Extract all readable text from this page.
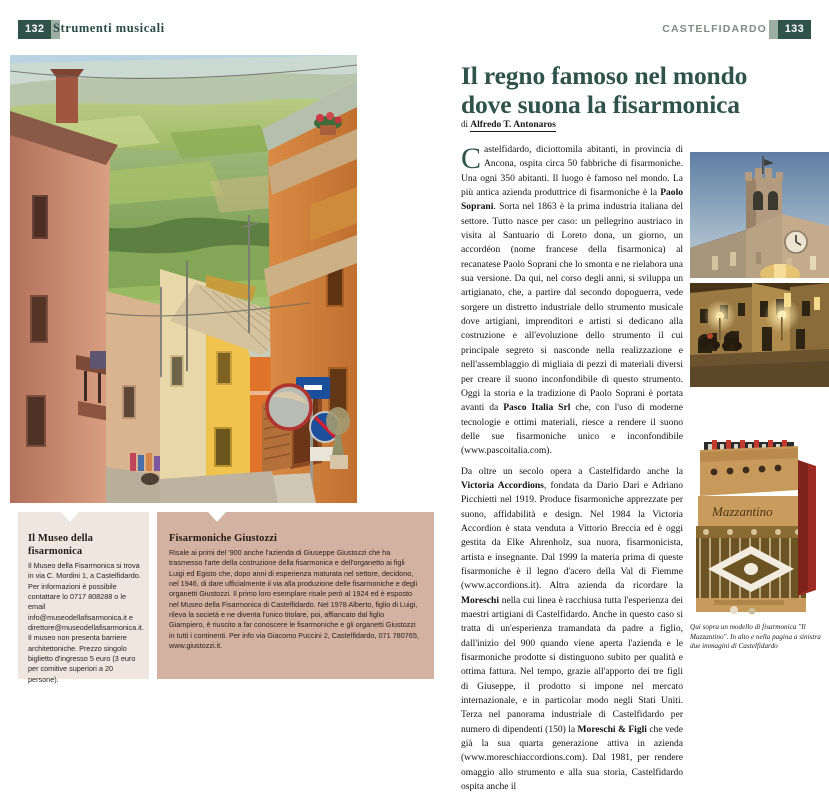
132 Strumenti musicali	CASTELFIDARDO	133
Il Museo della fisarmonica
Il Museo della Fisarmonica si trova in via C. Mordini 1, a Castelfidardo. Per informazioni è possibile contattare lo 0717 808288 o le email info@museodellafisarmonica.it e direttore@museodellafisarmonica.it. Il museo non presenta barriere architettoniche. Prezzo singolo biglietto d'ingresso 5 euro (3 euro per comitive superiori a 20 persone).
Fisarmoniche Giustozzi
Risale ai primi del '900 anche l'azienda di Giuseppe Giustozzi che ha trasmesso l'arte della costruzione della fisarmonica e dell'organetto ai figli Luigi ed Egisto che, dopo anni di esperienza maturata nel settore, decidono, nel 1946, di dare ufficialmente il via alla produzione delle fisarmoniche e degli organetti Giustozzi. Il primo loro esemplare risale però al 1924 ed è esposto nel Museo della Fisarmonica di Castelfidardo. Nel 1978 Alberto, figlio di Luigi, rileva la società e ne diventa l'unico titolare, poi, affiancato dal figlio Giampiero, è riuscito a far conoscere le fisarmoniche e gli organetti Giustozzi in tutti i continenti. Per info via Giacomo Puccini 2, Castelfidardo, 071 780765, www.giustozzi.it.
Il regno famoso nel mondo
dove suona la fisarmonica
di Alfredo T. Antonaros

Castelfidardo, diciottomila abitanti, in provincia di Ancona, ospita circa 50 fabbriche di fisarmoniche. Una ogni 350 abitanti. Il luogo è famoso nel mondo. La più antica azienda produttrice di fisarmoniche è la Paolo Soprani. Sorta nel 1863 è la prima industria italiana del settore. Tutto nasce per caso: un pellegrino austriaco in visita al Santuario di Loreto dona, un giorno, un accordéon (nome francese della fisarmonica) al recanatese Paolo Soprani che lo smonta e ne rielabora una sua versione. Da qui, nel corso degli anni, si sviluppa un artigianato, che, a partire dal secondo dopoguerra, vede sorgere un distretto industriale dello strumento musicale dove artigiani, imprenditori e artisti si dedicano alla costruzione e all'evoluzione dello strumento il cui principale segreto si nasconde nella realizzazione e nell'assemblaggio di migliaia di pezzi di materiali diversi per creare il suono inconfondibile di questo strumento. Oggi la storia e la tradizione di Paolo Soprani è portata avanti da Pasco Italia Srl che, con l'uso di moderne tecnologie e ottimi materiali, riesce a rendere il suono delle sue fisarmoniche unico e inconfondibile (www.pascoitalia.com).

Da oltre un secolo opera a Castelfidardo anche la Victoria Accordions, fondata da Dario Dari e Adriano Picchietti nel 1919. Produce fisarmoniche apprezzate per suono, affidabilità e design. Nel 1984 la Victoria Accordion è stata venduta a Vittorio Breccia ed è oggi gestita da Elke Ahrenholz, sua nuora, fisarmonicista, artista e insegnante. Dal 1999 la materia prima di queste fisarmoniche è il legno d'acero della Val di Fiemme (www.accordions.it). Altra azienda da ricordare la Moreschi nella cui linea è racchiusa tutta l'esperienza dei maestri artigiani di Castelfidardo. Anche in questo caso si tratta di un'esperienza tramandata da padre a figlio, dall'inizio del 900 quando viene aperta l'azienda e le fisarmoniche prodotte si distinguono subito per qualità e ottima fattura. Nel tempo, grazie all'apporto dei tre figli di Giuseppe, il prodotto si impone nel mercato internazionale, e in particolar modo negli Stati Uniti. Terza nel panorama industriale di Castelfidardo per numero di dipendenti (150) la Moreschi & Figli che vede già la sua quarta generazione attiva in azienda (www.moreschiaccordions.com). Dal 1981, per rendere omaggio allo strumento e alla sua storia, Castelfidardo ospita anche il

Mazzantino
Qui sopra un modello di fisarmonica "Il Mazzantino". In alto e nella pagina a sinistra due immagini di Castelfidardo
